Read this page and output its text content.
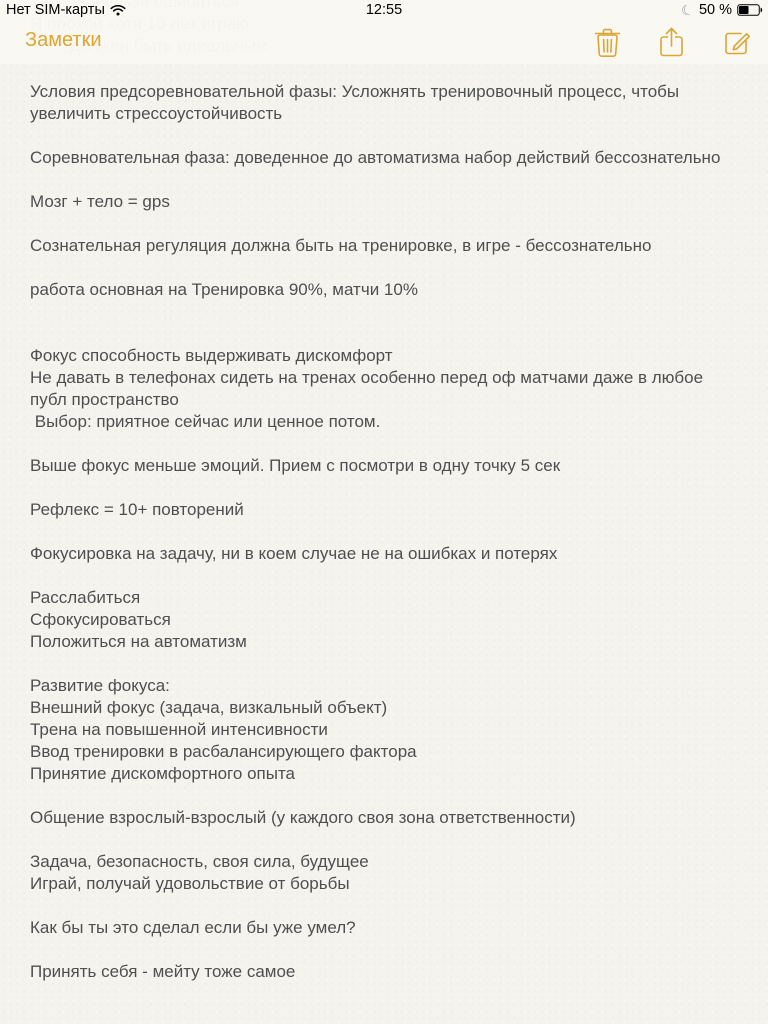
Нет SIM-карты	12:55	☾ 50 %
Заметки
Условия предсоревновательной фазы: Усложнять тренировочный процесс, чтобы увеличить стрессоустойчивость

Соревновательная фаза: доведенное до автоматизма набор действий бессознательно

Мозг + тело = gps

Сознательная регуляция должна быть на тренировке, в игре - бессознательно

работа основная на Тренировка 90%, матчи 10%

Фокус способность выдерживать дискомфорт
Не давать в телефонах сидеть на тренах особенно перед оф матчами даже в любое публ пространство
Выбор: приятное сейчас или ценное потом.

Выше фокус меньше эмоций. Прием с посмотри в одну точку 5 сек

Рефлекс = 10+ повторений

Фокусировка на задачу, ни в коем случае не на ошибках и потерях

Расслабиться
Сфокусироваться
Положиться на автоматизм

Развитие фокуса:
Внешний фокус (задача, визкальный объект)
Трена на повышенной интенсивности
Ввод тренировки в расбалансирующего фактора
Принятие дискомфортного опыта

Общение взрослый-взрослый (у каждого своя зона ответственности)

Задача, безопасность, своя сила, будущее
Играй, получай удовольствие от борьбы

Как бы ты это сделал если бы уже умел?

Принять себя - мейту тоже самое
